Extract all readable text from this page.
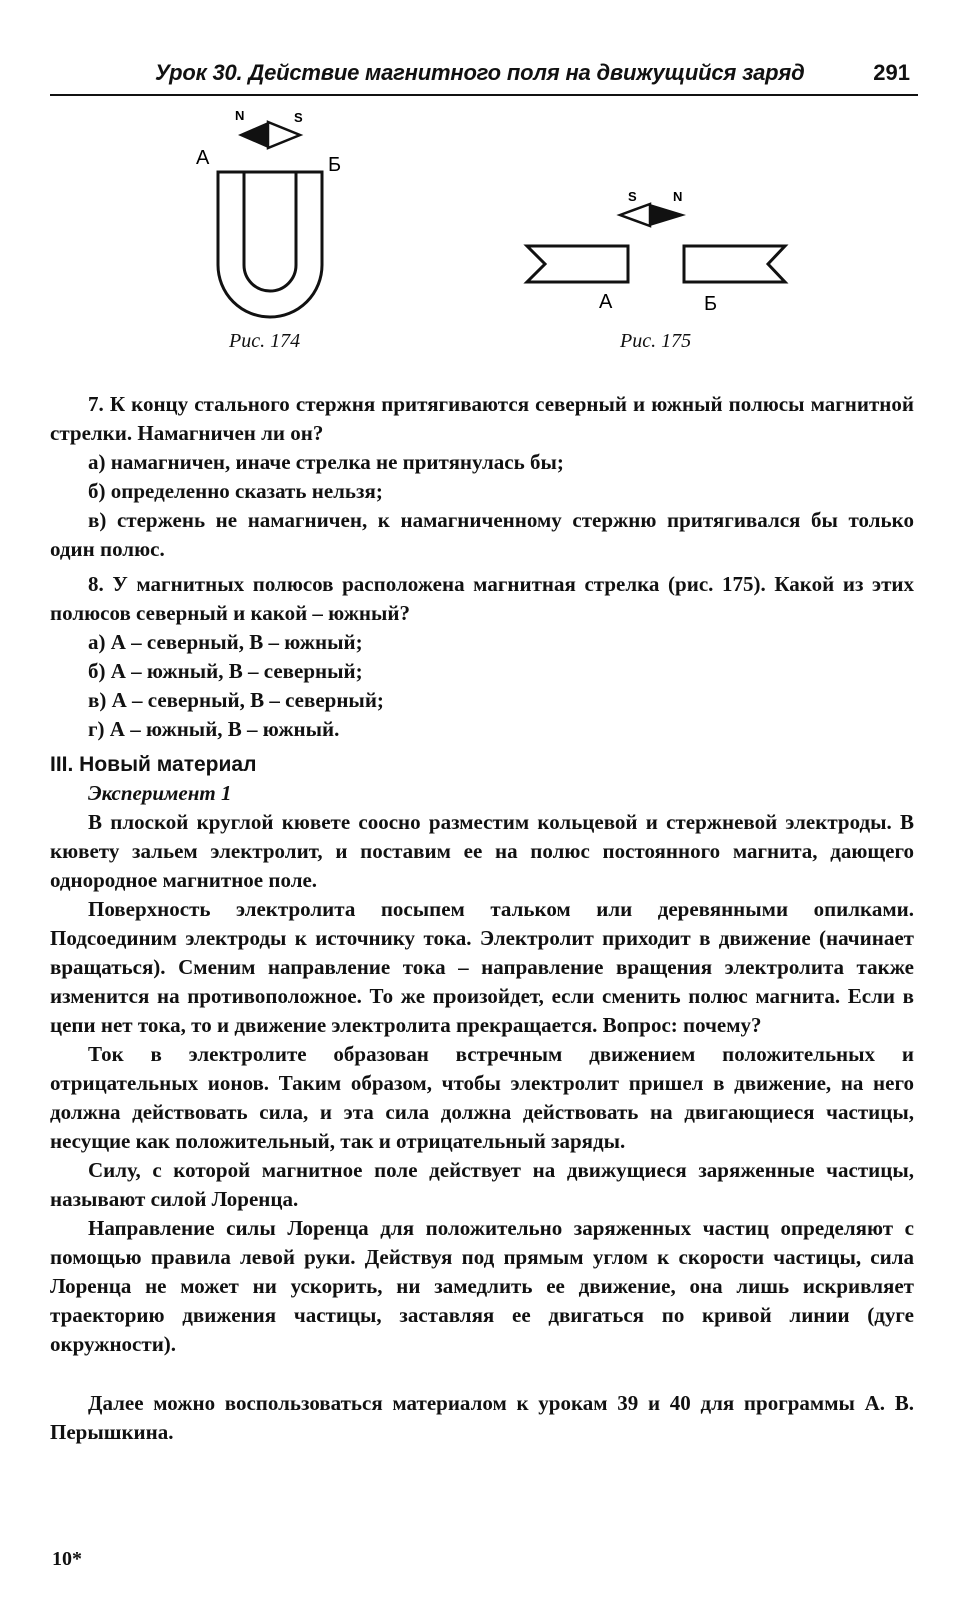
Урок 30. Действие магнитного поля на движущийся заряд	291
N	S
А	Б
S	N
А	Б
Рис. 174	Рис. 175

7. К концу стального стержня притягиваются северный и южный полюсы магнитной стрелки. Намагничен ли он?

а) намагничен, иначе стрелка не притянулась бы;

б) определенно сказать нельзя;

в) стержень не намагничен, к намагниченному стержню притягивался бы только один полюс.

8. У магнитных полюсов расположена магнитная стрелка (рис. 175). Какой из этих полюсов северный и какой – южный?

а) А – северный, В – южный;

б) А – южный, В – северный;

в) А – северный, В – северный;

г) А – южный, В – южный.

III. Новый материал

Эксперимент 1

В плоской круглой кювете соосно разместим кольцевой и стержневой электроды. В кювету зальем электролит, и поставим ее на полюс постоянного магнита, дающего однородное магнитное поле.

Поверхность электролита посыпем тальком или деревянными опилками. Подсоединим электроды к источнику тока. Электролит приходит в движение (начинает вращаться). Сменим направление тока – направление вращения электролита также изменится на противоположное. То же произойдет, если сменить полюс магнита. Если в цепи нет тока, то и движение электролита прекращается. Вопрос: почему?

Ток в электролите образован встречным движением положительных и отрицательных ионов. Таким образом, чтобы электролит пришел в движение, на него должна действовать сила, и эта сила должна действовать на двигающиеся частицы, несущие как положительный, так и отрицательный заряды.

Силу, с которой магнитное поле действует на движущиеся заряженные частицы, называют силой Лоренца.

Направление силы Лоренца для положительно заряженных частиц определяют с помощью правила левой руки. Действуя под прямым углом к скорости частицы, сила Лоренца не может ни ускорить, ни замедлить ее движение, она лишь искривляет траекторию движения частицы, заставляя ее двигаться по кривой линии (дуге окружности).

Далее можно воспользоваться материалом к урокам 39 и 40 для программы А. В. Перышкина.

10*
